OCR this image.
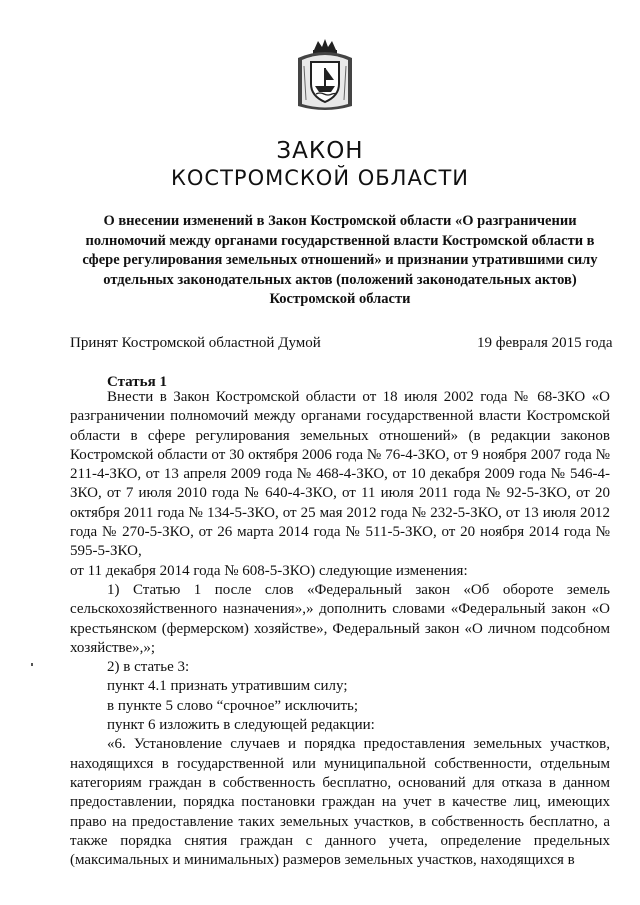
ЗАКОН
КОСТРОМСКОЙ ОБЛАСТИ
О внесении изменений в Закон Костромской области «О разграничении полномочий между органами государственной власти Костромской области в сфере регулирования земельных отношений» и признании утратившими силу отдельных законодательных актов (положений законодательных актов) Костромской области
Принят Костромской областной Думой	19 февраля 2015 года
Статья 1

Внести в Закон Костромской области от 18 июля 2002 года № 68-ЗКО «О разграничении полномочий между органами государственной власти Костромской области в сфере регулирования земельных отношений» (в редакции законов Костромской области от 30 октября 2006 года № 76-4-ЗКО, от 9 ноября 2007 года № 211-4-ЗКО, от 13 апреля 2009 года № 468-4-ЗКО, от 10 декабря 2009 года № 546-4-ЗКО, от 7 июля 2010 года № 640-4-ЗКО, от 11 июля 2011 года № 92-5-ЗКО, от 20 октября 2011 года № 134-5-ЗКО, от 25 мая 2012 года № 232-5-ЗКО, от 13 июля 2012 года № 270-5-ЗКО, от 26 марта 2014 года № 511-5-ЗКО, от 20 ноября 2014 года № 595-5-ЗКО,

от 11 декабря 2014 года № 608-5-ЗКО) следующие изменения:

1) Статью 1 после слов «Федеральный закон «Об обороте земель сельскохозяйственного назначения»,» дополнить словами «Федеральный закон «О крестьянском (фермерском) хозяйстве», Федеральный закон «О личном подсобном хозяйстве»,»;

2) в статье 3:

пункт 4.1 признать утратившим силу;

в пункте 5 слово “срочное” исключить;

пункт 6 изложить в следующей редакции:

«6. Установление случаев и порядка предоставления земельных участков, находящихся в государственной или муниципальной собственности, отдельным категориям граждан в собственность бесплатно, оснований для отказа в данном предоставлении, порядка постановки граждан на учет в качестве лиц, имеющих право на предоставление таких земельных участков, в собственность бесплатно, а также порядка снятия граждан с данного учета, определение предельных (максимальных и минимальных) размеров земельных участков, находящихся в
